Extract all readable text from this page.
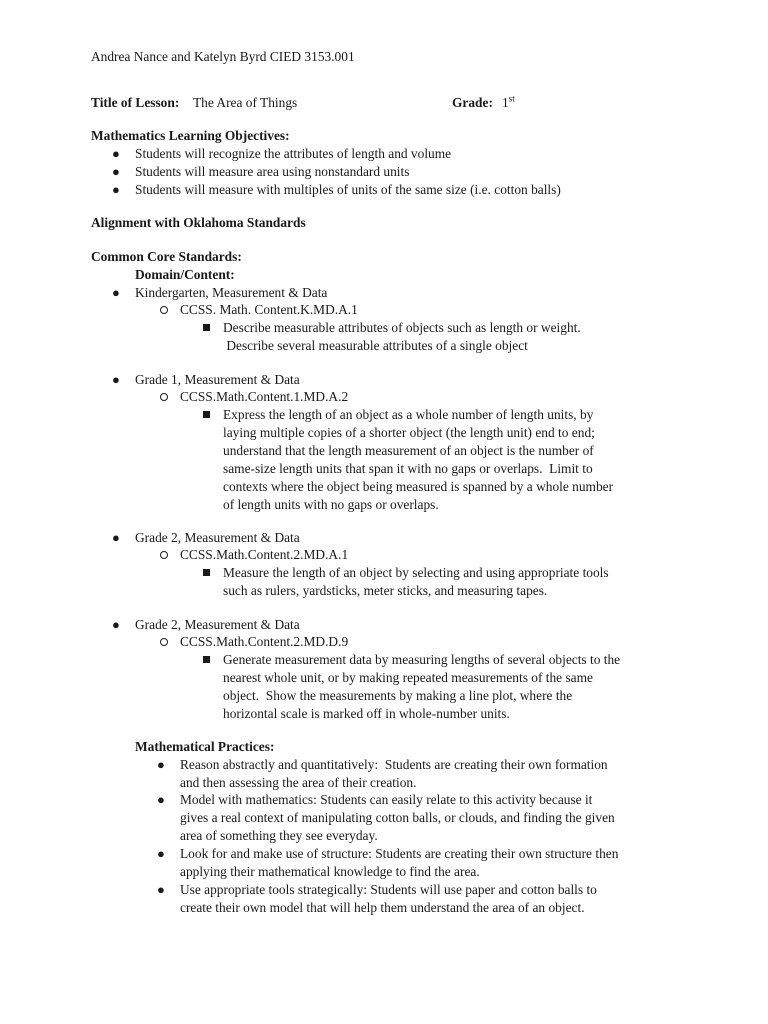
Andrea Nance and Katelyn Byrd CIED 3153.001
Title of Lesson: The Area of Things	Grade: 1st
Mathematics Learning Objectives:
● Students will recognize the attributes of length and volume
● Students will measure area using nonstandard units
● Students will measure with multiples of units of the same size (i.e. cotton balls)
Alignment with Oklahoma Standards
Common Core Standards:
Domain/Content:
● Kindergarten, Measurement & Data
CCSS. Math. Content.K.MD.A.1
Describe measurable attributes of objects such as length or weight.
Describe several measurable attributes of a single object
● Grade 1, Measurement & Data
CCSS.Math.Content.1.MD.A.2
Express the length of an object as a whole number of length units, by
laying multiple copies of a shorter object (the length unit) end to end;
understand that the length measurement of an object is the number of
same-size length units that span it with no gaps or overlaps.  Limit to
contexts where the object being measured is spanned by a whole number
of length units with no gaps or overlaps.
● Grade 2, Measurement & Data
CCSS.Math.Content.2.MD.A.1
Measure the length of an object by selecting and using appropriate tools
such as rulers, yardsticks, meter sticks, and measuring tapes.
● Grade 2, Measurement & Data
CCSS.Math.Content.2.MD.D.9
Generate measurement data by measuring lengths of several objects to the
nearest whole unit, or by making repeated measurements of the same
object.  Show the measurements by making a line plot, where the
horizontal scale is marked off in whole-number units.
Mathematical Practices:
● Reason abstractly and quantitatively:  Students are creating their own formation
and then assessing the area of their creation.
● Model with mathematics: Students can easily relate to this activity because it
gives a real context of manipulating cotton balls, or clouds, and finding the given
area of something they see everyday.
● Look for and make use of structure: Students are creating their own structure then
applying their mathematical knowledge to find the area.
● Use appropriate tools strategically: Students will use paper and cotton balls to
create their own model that will help them understand the area of an object.
